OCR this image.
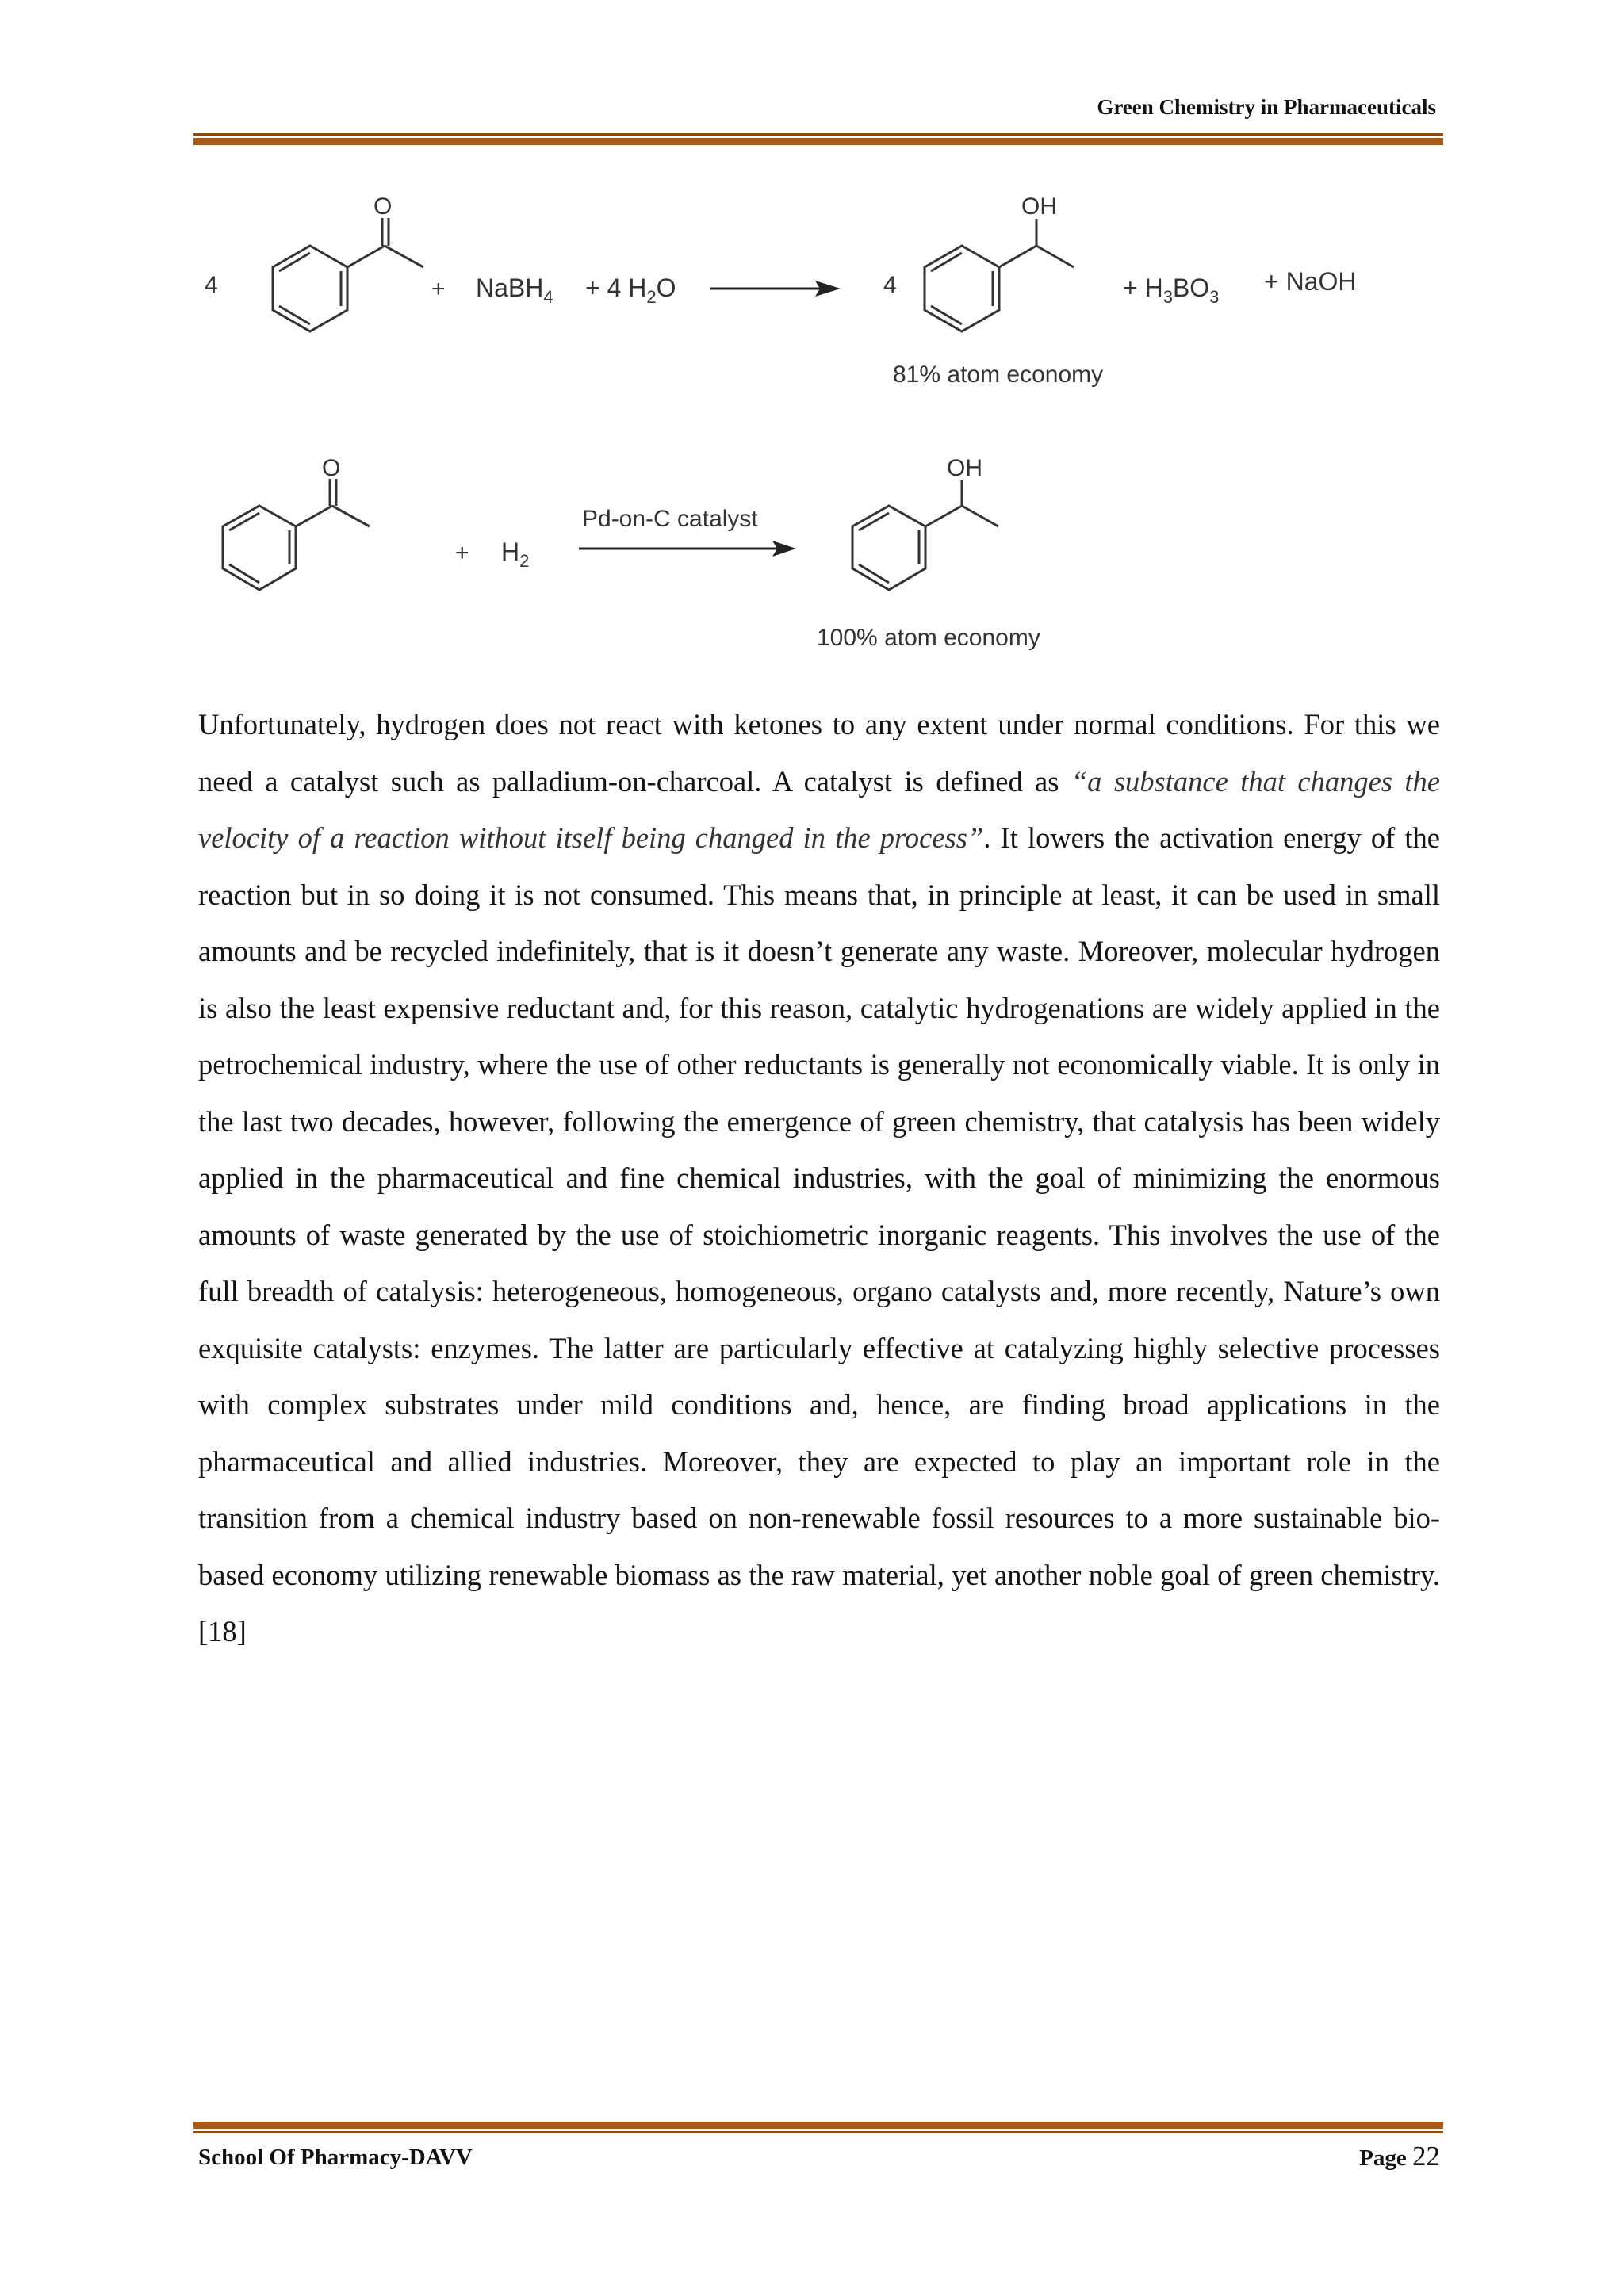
Green Chemistry in Pharmaceuticals
4
O
+ NaBH$_4$ + 4 $H_2O$	4
OH
+ $H_3BO_3$
+ NaOH
81% atom economy
O
+ $H_2$
Pd-on-C catalyst
OH
100% atom economy
Unfortunately, hydrogen does not react with ketones to any extent under normal conditions. For this we need a catalyst such as palladium-on-charcoal. A catalyst is defined as “a substance that changes the velocity of a reaction without itself being changed in the process”. It lowers the activation energy of the reaction but in so doing it is not consumed. This means that, in principle at least, it can be used in small amounts and be recycled indefinitely, that is it doesn’t generate any waste. Moreover, molecular hydrogen is also the least expensive reductant and, for this reason, catalytic hydrogenations are widely applied in the petrochemical industry, where the use of other reductants is generally not economically viable. It is only in the last two decades, however, following the emergence of green chemistry, that catalysis has been widely applied in the pharmaceutical and fine chemical industries, with the goal of minimizing the enormous amounts of waste generated by the use of stoichiometric inorganic reagents. This involves the use of the full breadth of catalysis: heterogeneous, homogeneous, organo catalysts and, more recently, Nature’s own exquisite catalysts: enzymes. The latter are particularly effective at catalyzing highly selective processes with complex substrates under mild conditions and, hence, are finding broad applications in the pharmaceutical and allied industries. Moreover, they are expected to play an important role in the transition from a chemical industry based on non-renewable fossil resources to a more sustainable bio-based economy utilizing renewable biomass as the raw material, yet another noble goal of green chemistry. [18]
School Of Pharmacy-DAVV	Page 22
